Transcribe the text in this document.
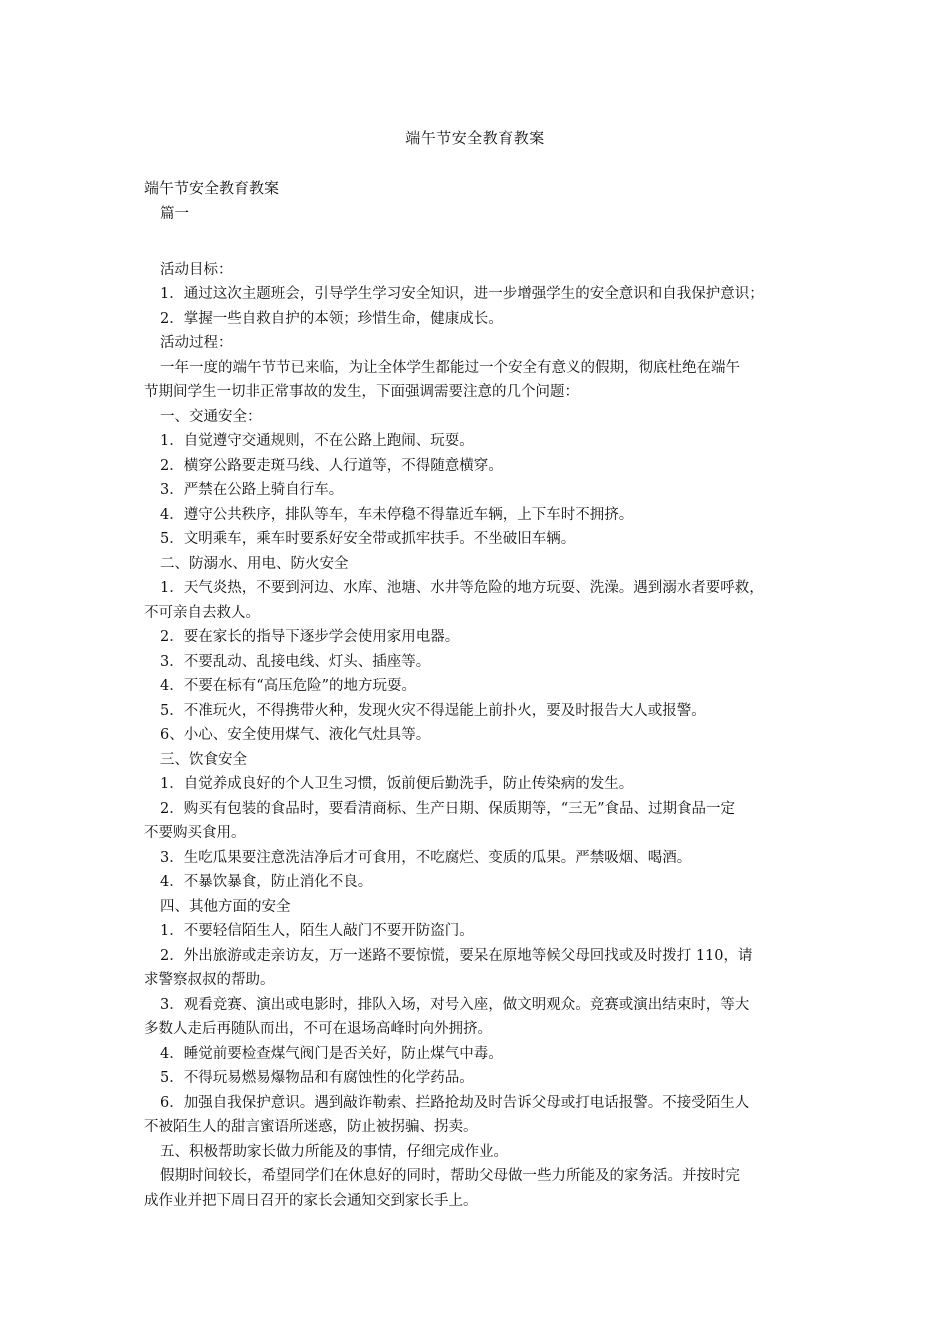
端午节安全教育教案
端午节安全教育教案
篇一
活动目标：
1．通过这次主题班会，引导学生学习安全知识，进一步增强学生的安全意识和自我保护意识；
2．掌握一些自救自护的本领；珍惜生命，健康成长。
活动过程：
一年一度的端午节节已来临，为让全体学生都能过一个安全有意义的假期，彻底杜绝在端午
节期间学生一切非正常事故的发生，下面强调需要注意的几个问题：
一、交通安全：
1．自觉遵守交通规则，不在公路上跑闹、玩耍。
2．横穿公路要走斑马线、人行道等，不得随意横穿。
3．严禁在公路上骑自行车。
4．遵守公共秩序，排队等车，车未停稳不得靠近车辆，上下车时不拥挤。
5．文明乘车，乘车时要系好安全带或抓牢扶手。不坐破旧车辆。
二、防溺水、用电、防火安全
1．天气炎热，不要到河边、水库、池塘、水井等危险的地方玩耍、洗澡。遇到溺水者要呼救，
不可亲自去救人。
2．要在家长的指导下逐步学会使用家用电器。
3．不要乱动、乱接电线、灯头、插座等。
4．不要在标有“高压危险”的地方玩耍。
5．不准玩火，不得携带火种，发现火灾不得逞能上前扑火，要及时报告大人或报警。
6、小心、安全使用煤气、液化气灶具等。
三、饮食安全
1．自觉养成良好的个人卫生习惯，饭前便后勤洗手，防止传染病的发生。
2．购买有包装的食品时，要看清商标、生产日期、保质期等，“三无”食品、过期食品一定
不要购买食用。
3．生吃瓜果要注意洗洁净后才可食用，不吃腐烂、变质的瓜果。严禁吸烟、喝酒。
4．不暴饮暴食，防止消化不良。
四、其他方面的安全
1．不要轻信陌生人，陌生人敲门不要开防盗门。
2．外出旅游或走亲访友，万一迷路不要惊慌，要呆在原地等候父母回找或及时拨打 110，请
求警察叔叔的帮助。
3．观看竞赛、演出或电影时，排队入场，对号入座，做文明观众。竞赛或演出结束时，等大
多数人走后再随队而出，不可在退场高峰时向外拥挤。
4．睡觉前要检查煤气阀门是否关好，防止煤气中毒。
5．不得玩易燃易爆物品和有腐蚀性的化学药品。
6．加强自我保护意识。遇到敲诈勒索、拦路抢劫及时告诉父母或打电话报警。不接受陌生人
不被陌生人的甜言蜜语所迷惑，防止被拐骗、拐卖。
五、积极帮助家长做力所能及的事情，仔细完成作业。
假期时间较长，希望同学们在休息好的同时，帮助父母做一些力所能及的家务活。并按时完
成作业并把下周日召开的家长会通知交到家长手上。
